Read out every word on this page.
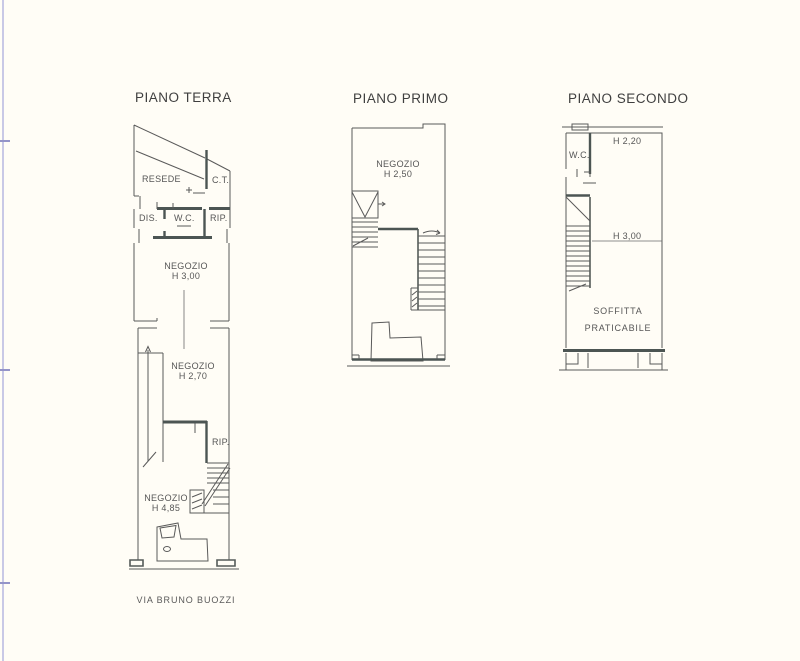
PIANO TERRA	PIANO PRIMO	PIANO SECONDO
RESEDE	C.T.
DIS. W.C. RIP.
NEGOZIO
H 3,00
NEGOZIO
H 2,70
RIP.
NEGOZIO
H 4,85
VIA BRUNO BUOZZI
NEGOZIO
H 2,50
W.C.
H 2,20
H 3,00
SOFFITTA
PRATICABILE
